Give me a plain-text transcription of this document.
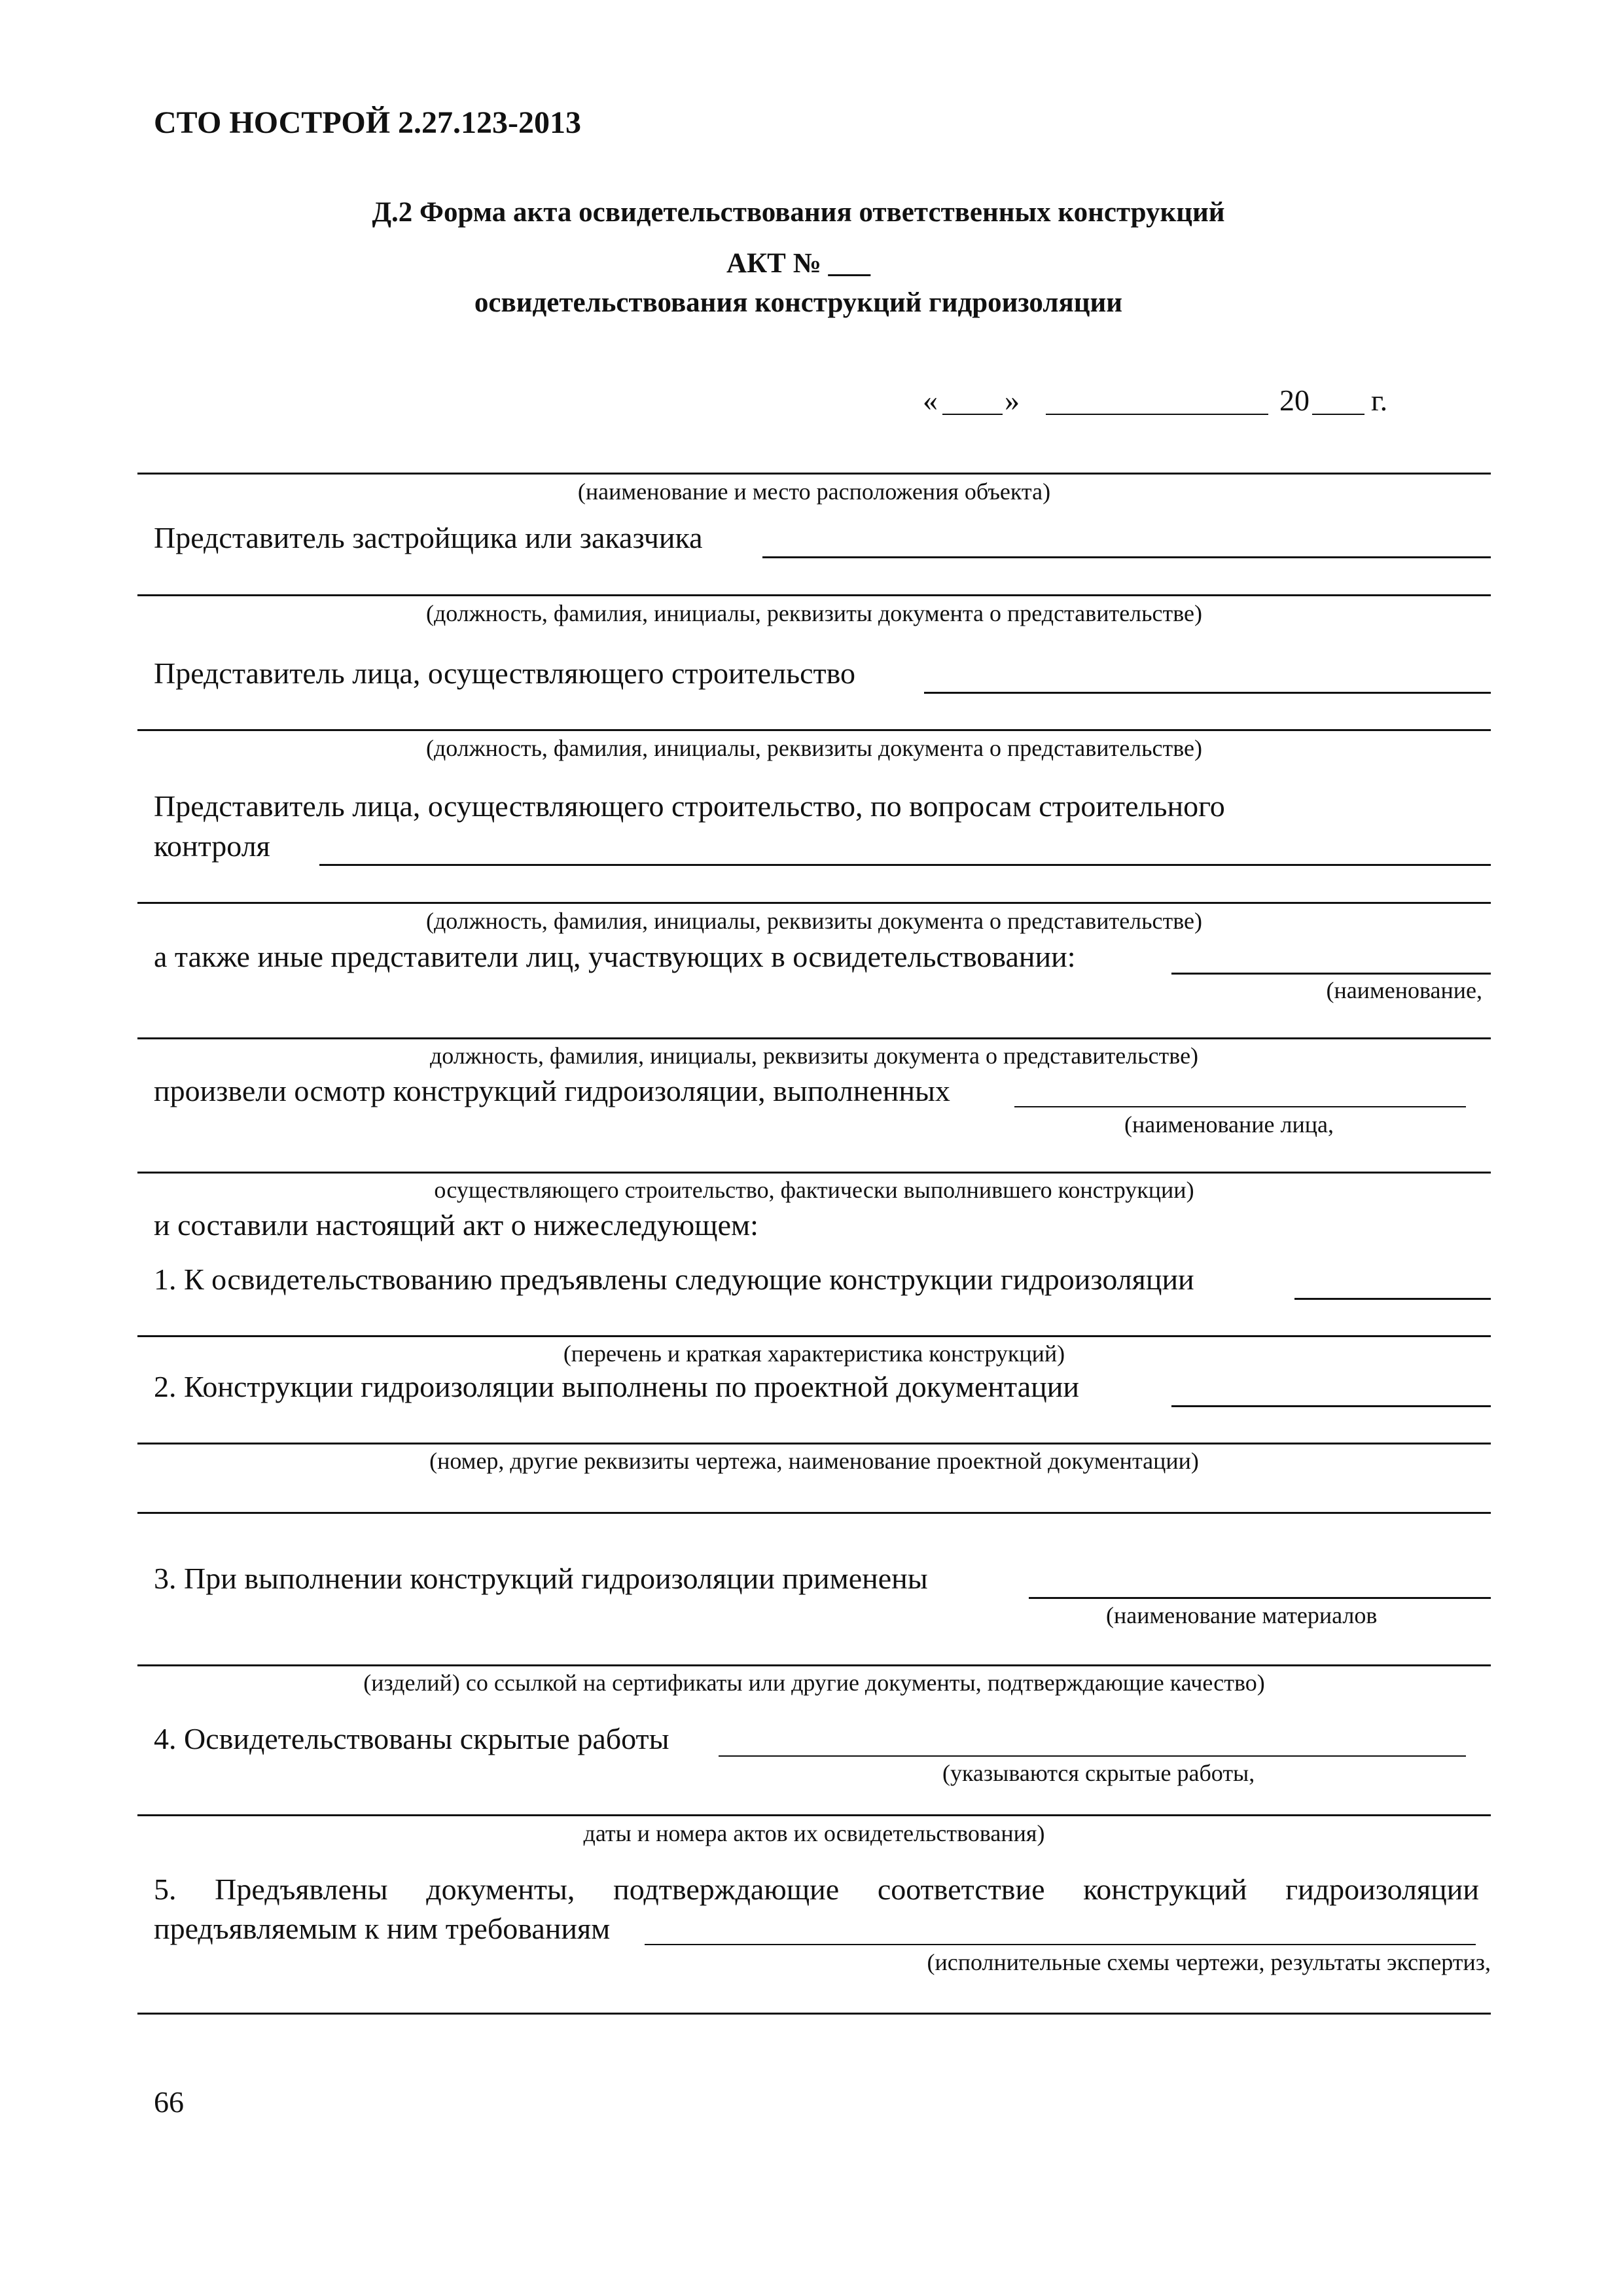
СТО НОСТРОЙ 2.27.123-2013
Д.2 Форма акта освидетельствования ответственных конструкций
АКТ № ___
освидетельствования конструкций гидроизоляции
« »	20 г.
(наименование и место расположения объекта)
Представитель застройщика или заказчика
(должность, фамилия, инициалы, реквизиты документа о представительстве)
Представитель лица, осуществляющего строительство
(должность, фамилия, инициалы, реквизиты документа о представительстве)
Представитель лица, осуществляющего строительство, по вопросам строительного
контроля
(должность, фамилия, инициалы, реквизиты документа о представительстве)
а также иные представители лиц, участвующих в освидетельствовании:
(наименование,
должность, фамилия, инициалы, реквизиты документа о представительстве)
произвели осмотр конструкций гидроизоляции, выполненных
(наименование лица,
осуществляющего строительство, фактически выполнившего конструкции)
и составили настоящий акт о нижеследующем:
1. К освидетельствованию предъявлены следующие конструкции гидроизоляции
(перечень и краткая характеристика конструкций)
2. Конструкции гидроизоляции выполнены по проектной документации
(номер, другие реквизиты чертежа, наименование проектной документации)
3. При выполнении конструкций гидроизоляции применены
(наименование материалов
(изделий) со ссылкой на сертификаты или другие документы, подтверждающие качество)
4. Освидетельствованы скрытые работы
(указываются скрытые работы,
даты и номера актов их освидетельствования)
5. Предъявлены документы, подтверждающие соответствие конструкций гидроизоляции
предъявляемым к ним требованиям
(исполнительные схемы чертежи, результаты экспертиз,
66
